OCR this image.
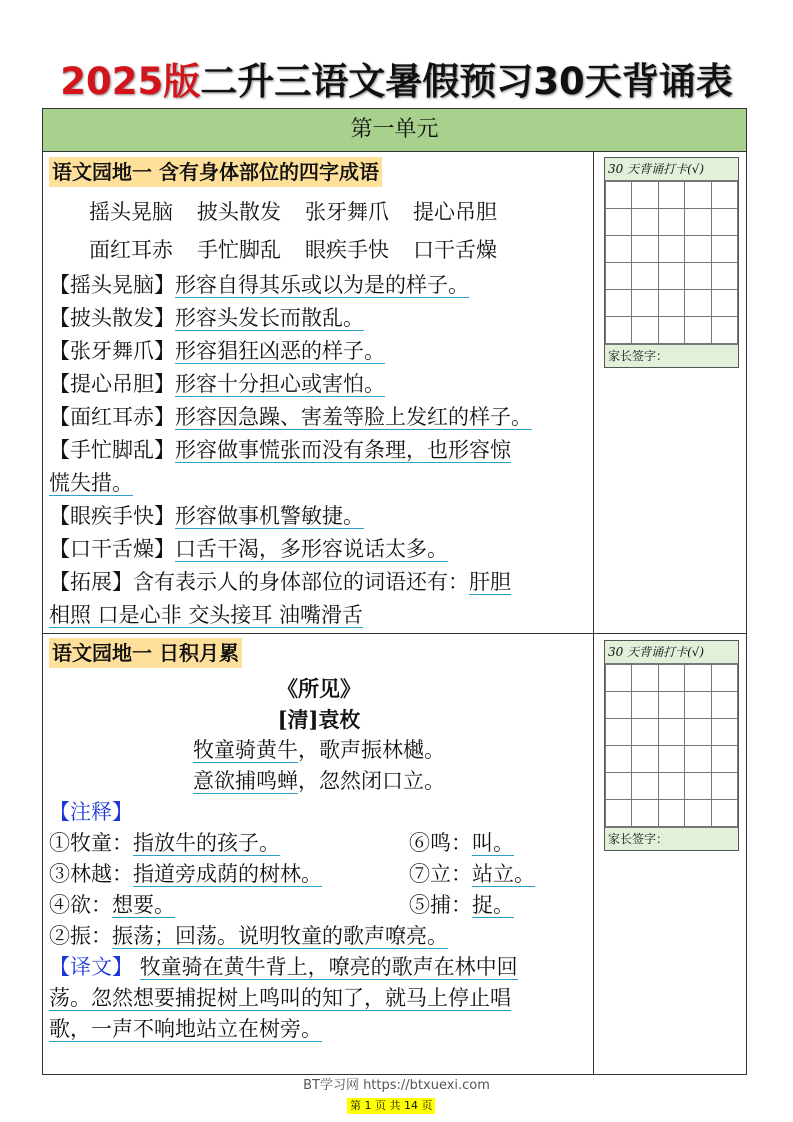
2025版二升三语文暑假预习30天背诵表
第一单元
语文园地一 含有身体部位的四字成语
摇头晃脑 披头散发 张牙舞爪 提心吊胆
面红耳赤 手忙脚乱 眼疾手快 口干舌燥
【摇头晃脑】形容自得其乐或以为是的样子。
【披头散发】形容头发长而散乱。
【张牙舞爪】形容猖狂凶恶的样子。
【提心吊胆】形容十分担心或害怕。
【面红耳赤】形容因急躁、害羞等脸上发红的样子。
【手忙脚乱】形容做事慌张而没有条理，也形容惊
慌失措。
【眼疾手快】形容做事机警敏捷。
【口干舌燥】口舌干渴，多形容说话太多。
【拓展】含有表示人的身体部位的词语还有：肝胆
相照 口是心非 交头接耳 油嘴滑舌
30 天背诵打卡(√)

家长签字：
语文园地一 日积月累
《所见》
[清]袁枚
牧童骑黄牛，歌声振林樾。
意欲捕鸣蝉，忽然闭口立。
【注释】
①牧童：指放牛的孩子。	⑥鸣：叫。
③林越：指道旁成荫的树林。	⑦立：站立。
④欲：想要。	⑤捕：捉。
②振：振荡；回荡。说明牧童的歌声嘹亮。
【译文】 牧童骑在黄牛背上，嘹亮的歌声在林中回
荡。忽然想要捕捉树上鸣叫的知了，就马上停止唱
歌，一声不响地站立在树旁。
30 天背诵打卡(√)

家长签字：
BT学习网 https://btxuexi.com
第 1 页 共 14 页
